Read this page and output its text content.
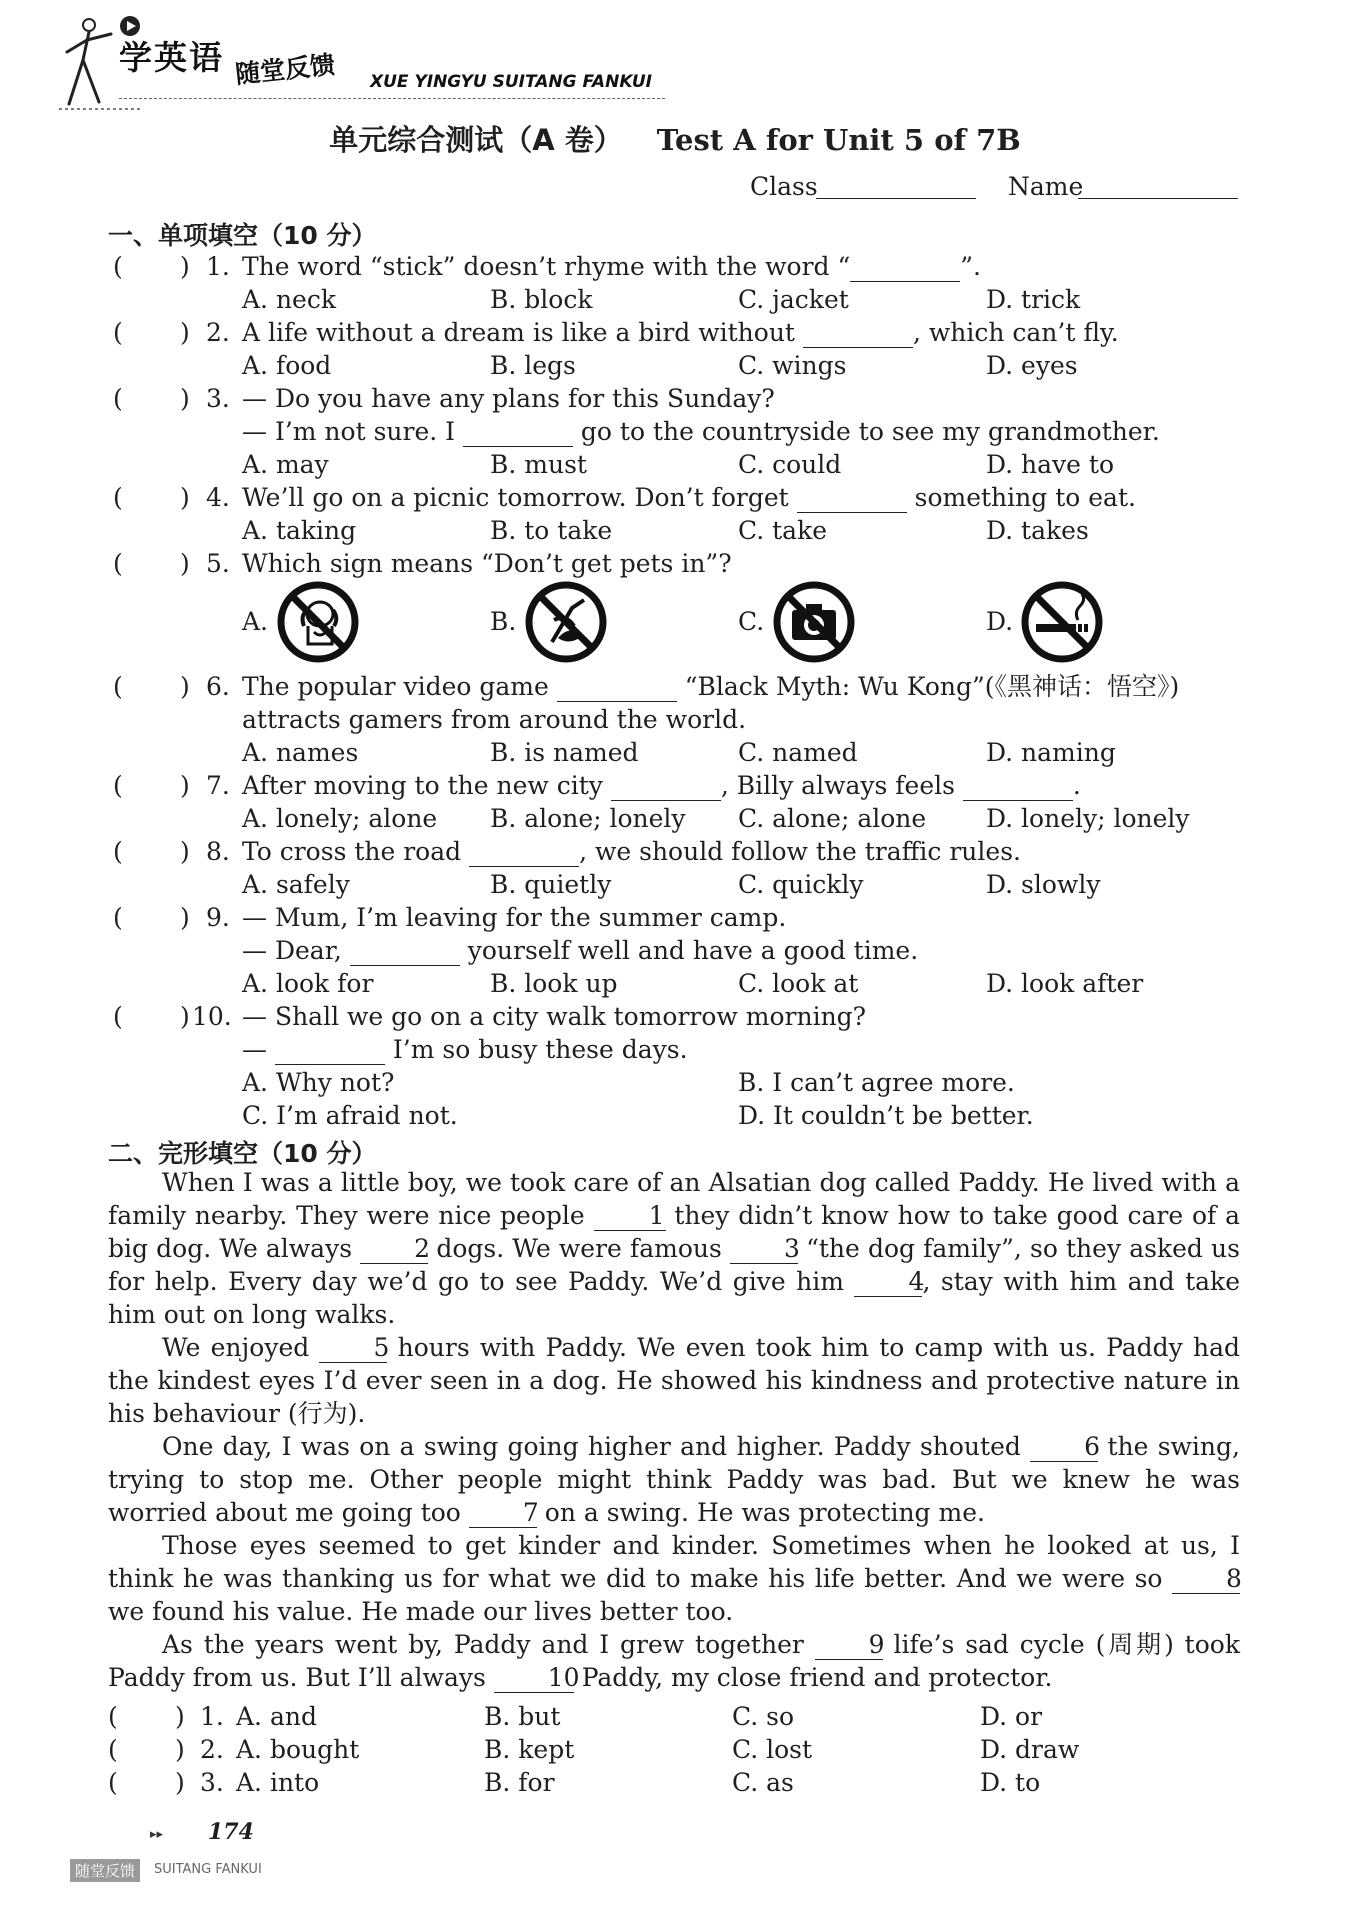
学英语 随堂反馈 XUE YINGYU SUITANG FANKUI
单元综合测试（A 卷） Test A for Unit 5 of 7B
Class
	Name

一、单项填空（10 分）
( ) 1. The word “stick” doesn’t rhyme with the word “	”.
A. neck	B. block	C. jacket	D. trick
( ) 2. A life without a dream is like a bird without	, which can’t fly.
A. food	B. legs	C. wings	D. eyes
( ) 3. — Do you have any plans for this Sunday?
— I’m not sure. I	go to the countryside to see my grandmother.
A. may	B. must	C. could	D. have to
( ) 4. We’ll go on a picnic tomorrow. Don’t forget	something to eat.
A. taking	B. to take	C. take	D. takes
( ) 5. Which sign means “Don’t get pets in”?
A.	B.	C.	D.
( ) 6. The popular video game	“Black Myth: Wu Kong”(《黑神话：悟空》)
attracts gamers from around the world.
A. names	B. is named	C. named	D. naming
( ) 7. After moving to the new city	, Billy always feels	.
A. lonely; alone B. alone; lonely C. alone; alone D. lonely; lonely
( ) 8. To cross the road	, we should follow the traffic rules.
A. safely	B. quietly	C. quickly	D. slowly
( ) 9. — Mum, I’m leaving for the summer camp.
— Dear,	yourself well and have a good time.
A. look for	B. look up	C. look at	D. look after
( ) 10. — Shall we go on a city walk tomorrow morning?
—	I’m so busy these days.
A. Why not?	B. I can’t agree more.
C. I’m afraid not.	D. It couldn’t be better.
二、完形填空（10 分）

When I was a little boy, we took care of an Alsatian dog called Paddy. He lived with a family nearby. They were nice people	1 they didn’t know how to take good care of a big dog. We always 2 dogs. We were famous 3 “the dog family”, so they asked us for help. Every day we’d go to see Paddy. We’d give him	4, stay with him and take him out on long walks.

We enjoyed	5 hours with Paddy. We even took him to camp with us. Paddy had the kindest eyes I’d ever seen in a dog. He showed his kindness and protective nature in his behaviour (行为).

One day, I was on a swing going higher and higher. Paddy shouted	6 the swing, trying to stop me. Other people might think Paddy was bad. But we knew he was worried about me going too 7 on a swing. He was protecting me.

Those eyes seemed to get kinder and kinder. Sometimes when he looked at us, I think he was thanking us for what we did to make his life better. And we were so	8 we found his value. He made our lives better too.

As the years went by, Paddy and I grew together	9 life’s sad cycle (周期) took Paddy from us. But I’ll always 10 Paddy, my close friend and protector.

( ) 1. A. and	B. but	C. so	D. or
( ) 2. A. bought	B. kept	C. lost	D. draw
( ) 3. A. into	B. for	C. as	D. to
▸▸ 174
随堂反馈	SUITANG FANKUI
